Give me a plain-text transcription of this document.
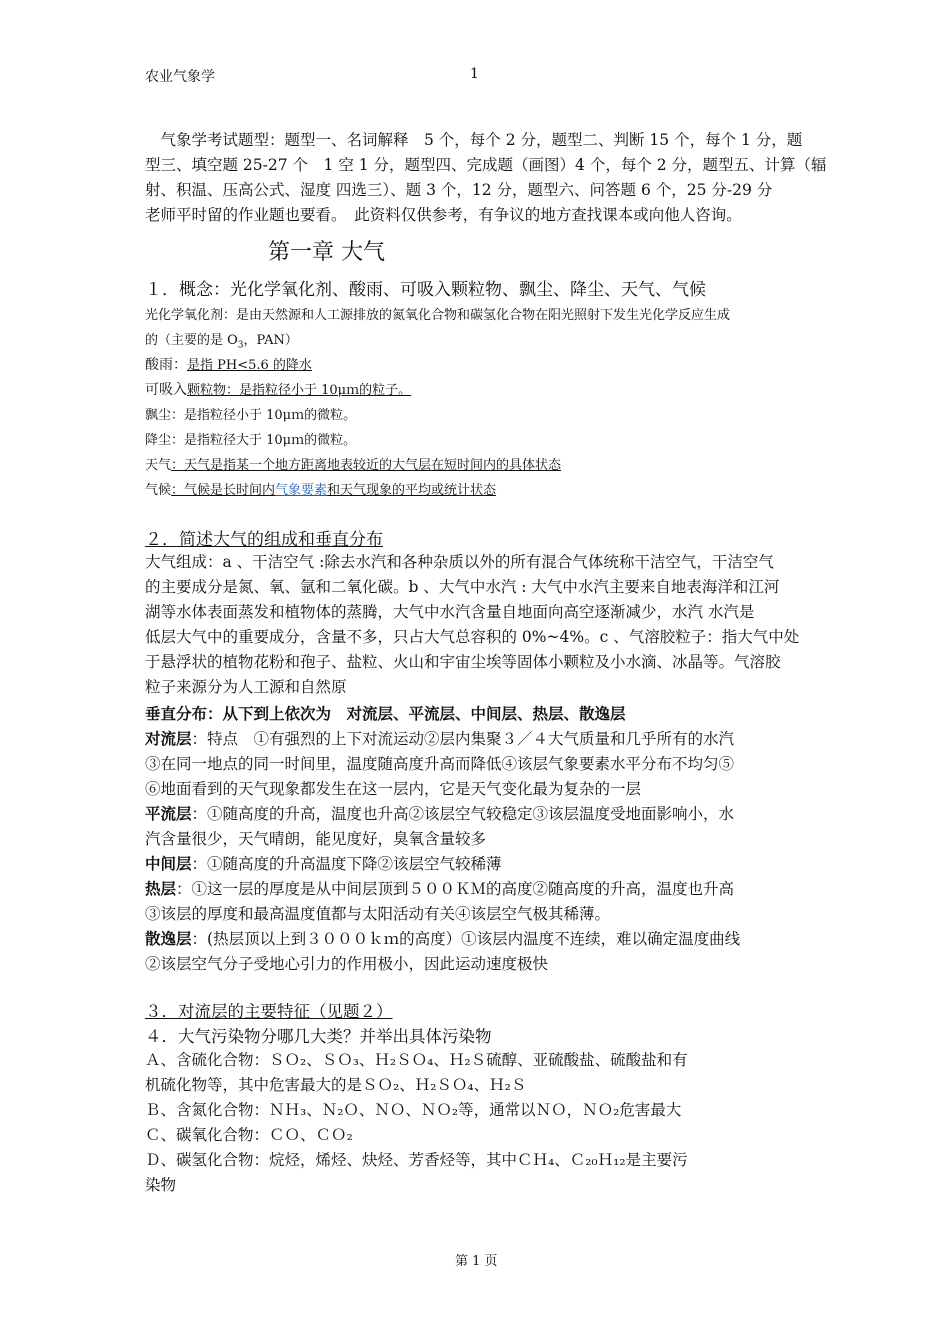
农业气象学	1
　气象学考试题型：题型一、名词解释　5 个，每个 2 分，题型二、判断 15 个，每个 1 分，题
型三、填空题 25-27 个　1 空 1 分，题型四、完成题（画图）4 个，每个 2 分，题型五、计算（辐
射、积温、压高公式、湿度 四选三）、题 3 个，12 分，题型六、问答题 6 个，25 分-29 分
老师平时留的作业题也要看。　此资料仅供参考，有争议的地方查找课本或向他人咨询。
第一章 大气
１．概念：光化学氧化剂、酸雨、可吸入颗粒物、飘尘、降尘、天气、气候
光化学氧化剂：是由天然源和人工源排放的氮氧化合物和碳氢化合物在阳光照射下发生光化学反应生成
的（主要的是 $O_3$，PAN）
酸雨：是指 PH<5.6 的降水
可吸入颗粒物：是指粒径小于 10μｍ的粒子。
飘尘：是指粒径小于 10μｍ的微粒。
降尘：是指粒径大于 10μｍ的微粒。
天气：天气是指某一个地方距离地表较近的大气层在短时间内的具体状态
气候：气候是长时间内气象要素和天气现象的平均或统计状态
２．简述大气的组成和垂直分布
大气组成：a 、干洁空气 :除去水汽和各种杂质以外的所有混合气体统称干洁空气，干洁空气
的主要成分是氮、氧、氩和二氧化碳。b 、大气中水汽 : 大气中水汽主要来自地表海洋和江河
湖等水体表面蒸发和植物体的蒸腾，大气中水汽含量自地面向高空逐渐减少，水汽 水汽是
低层大气中的重要成分，含量不多，只占大气总容积的 0%~4%。c 、气溶胶粒子：指大气中处
于悬浮状的植物花粉和孢子、盐粒、火山和宇宙尘埃等固体小颗粒及小水滴、冰晶等。气溶胶
粒子来源分为人工源和自然原
垂直分布：从下到上依次为　对流层、平流层、中间层、热层、散逸层
对流层：特点　①有强烈的上下对流运动②层内集聚３／４大气质量和几乎所有的水汽
③在同一地点的同一时间里，温度随高度升高而降低④该层气象要素水平分布不均匀⑤
⑥地面看到的天气现象都发生在这一层内，它是天气变化最为复杂的一层
平流层：①随高度的升高，温度也升高②该层空气较稳定③该层温度受地面影响小，水
汽含量很少，天气晴朗，能见度好，臭氧含量较多
中间层：①随高度的升高温度下降②该层空气较稀薄
热层：①这一层的厚度是从中间层顶到５００ＫＭ的高度②随高度的升高，温度也升高
③该层的厚度和最高温度值都与太阳活动有关④该层空气极其稀薄。
散逸层：(热层顶以上到３０００ｋｍ的高度）①该层内温度不连续，难以确定温度曲线
②该层空气分子受地心引力的作用极小，因此运动速度极快
３．对流层的主要特征（见题２）
４．大气污染物分哪几大类？并举出具体污染物
Ａ、含硫化合物：ＳＯ₂、ＳＯ₃、Ｈ₂ＳＯ₄、Ｈ₂Ｓ硫醇、亚硫酸盐、硫酸盐和有
机硫化物等，其中危害最大的是ＳＯ₂、Ｈ₂ＳＯ₄、Ｈ₂Ｓ
Ｂ、含氮化合物：ＮＨ₃、Ｎ₂Ｏ、ＮＯ、ＮＯ₂等，通常以ＮＯ，ＮＯ₂危害最大
Ｃ、碳氧化合物：ＣＯ、ＣＯ₂
Ｄ、碳氢化合物：烷烃，烯烃、炔烃、芳香烃等，其中ＣＨ₄、Ｃ₂₀Ｈ₁₂是主要污
染物
第 1 页
